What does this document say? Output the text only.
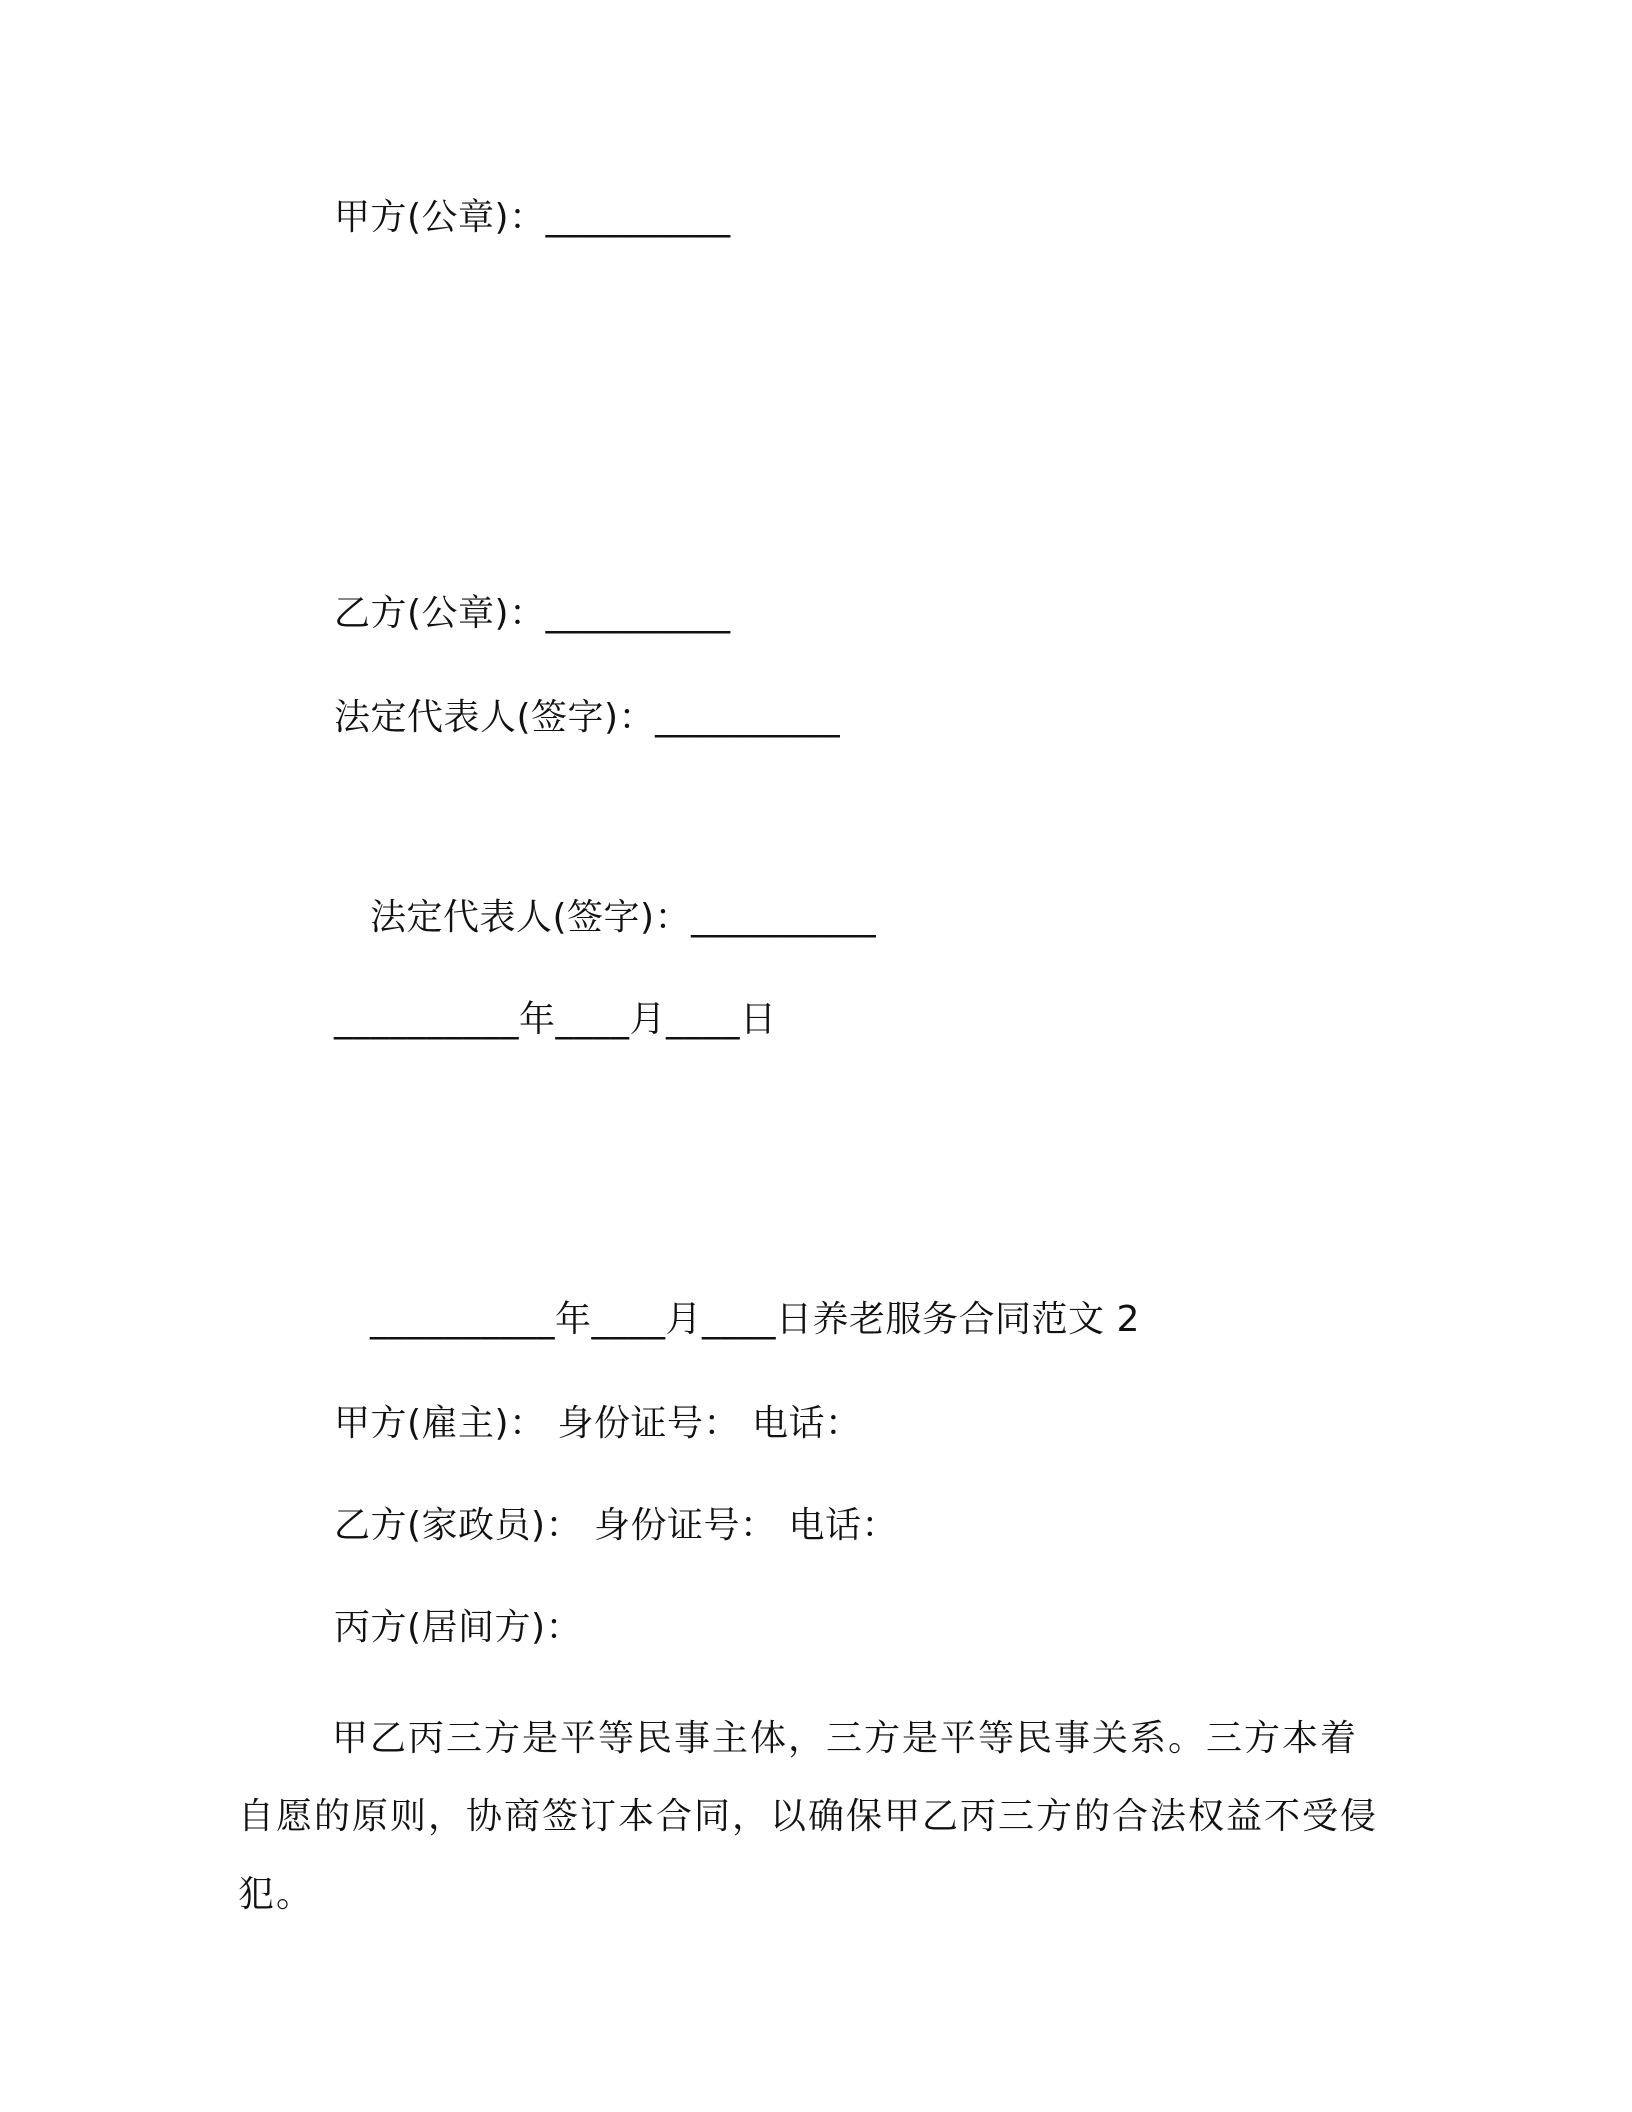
甲方(公章)：__________
乙方(公章)：__________
法定代表人(签字)：__________
法定代表人(签字)：__________
__________年____月____日
__________年____月____日养老服务合同范文 2
甲方(雇主)： 身份证号： 电话：
乙方(家政员)： 身份证号： 电话：
丙方(居间方)：
甲乙丙三方是平等民事主体，三方是平等民事关系。三方本着自愿的原则，协商签订本合同，以确保甲乙丙三方的合法权益不受侵犯。
